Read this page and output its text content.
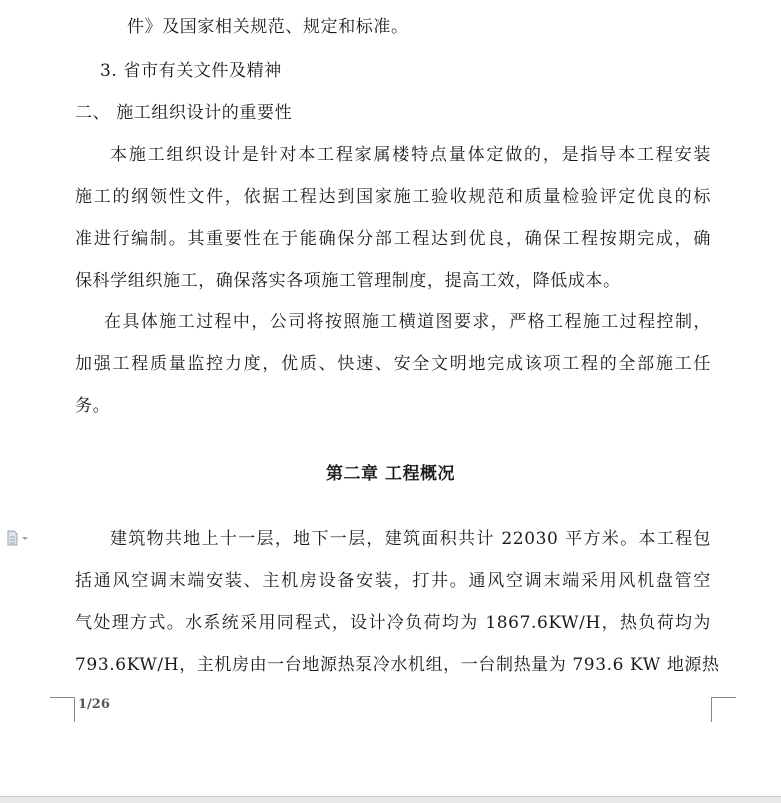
件》及国家相关规范、规定和标准。
3. 省市有关文件及精神
二、 施工组织设计的重要性
本施工组织设计是针对本工程家属楼特点量体定做的，是指导本工程安装
施工的纲领性文件，依据工程达到国家施工验收规范和质量检验评定优良的标
准进行编制。其重要性在于能确保分部工程达到优良，确保工程按期完成，确
保科学组织施工，确保落实各项施工管理制度，提高工效，降低成本。
在具体施工过程中，公司将按照施工横道图要求，严格工程施工过程控制，
加强工程质量监控力度，优质、快速、安全文明地完成该项工程的全部施工任
务。
第二章 工程概况
建筑物共地上十一层，地下一层，建筑面积共计 22030 平方米。本工程包
括通风空调末端安装、主机房设备安装，打井。通风空调末端采用风机盘管空
气处理方式。水系统采用同程式，设计冷负荷均为 1867.6KW/H，热负荷均为
793.6KW/H，主机房由一台地源热泵冷水机组，一台制热量为 793.6 KW 地源热
1/26
